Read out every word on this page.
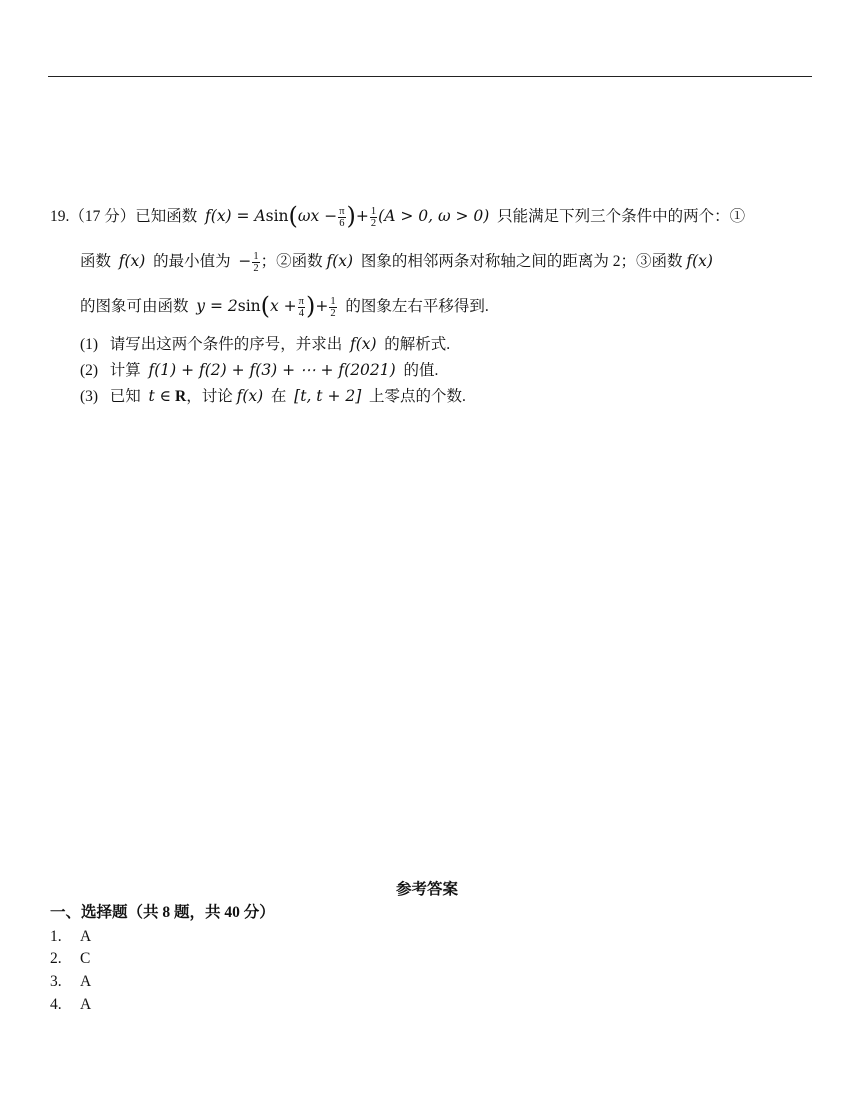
19.（17 分）已知函数 $f(x) = Asin(\omega x - \frac{\pi}{6}$ )+ $\frac{1}{2} (A > 0$, ω > 0) 只能满足下列三个条件中的两个：①
函数 f(x) 的最小值为 − $\frac{1}{2}$ ；②函数 f(x) 图象的相邻两条对称轴之间的距离为 2；③函数 f(x)
的图象可由函数 $y = 2\sin(x + \frac{\pi}{4}$ )+ $\frac{1}{2}$ 的图象左右平移得到.
(1) 请写出这两个条件的序号，并求出 f(x) 的解析式.
(2) 计算 f(1) + f(2) + f(3) + ⋯ + f(2021) 的值.
(3) 已知 t ∈ R，讨论 f(x) 在 [t, t + 2] 上零点的个数.
参考答案
一、选择题（共 8 题，共 40 分）
1. A
2. C
3. A
4. A
